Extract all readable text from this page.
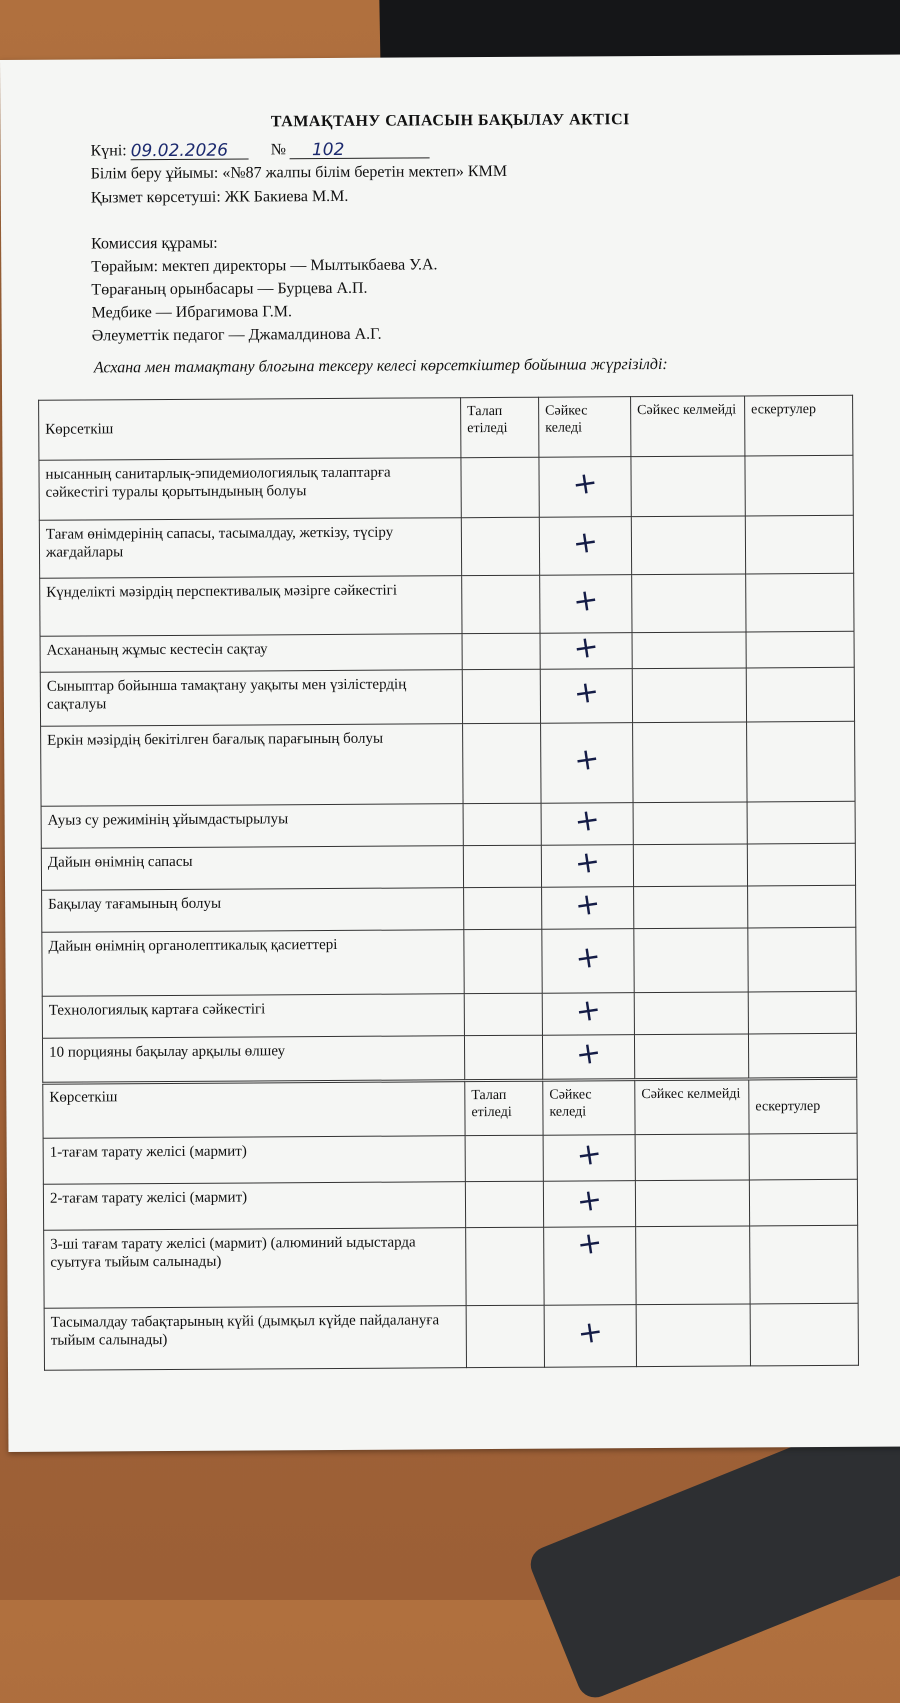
ТАМАҚТАНУ САПАСЫН БАҚЫЛАУ АКТІСІ
Күні: 09.02.2026	№ 102
Білім беру ұйымы: «№87 жалпы білім беретін мектеп» КММ
Қызмет көрсетуші: ЖК Бакиева М.М.
Комиссия құрамы:
Төрайым: мектеп директоры — Мылтыкбаева У.А.
Төрағаның орынбасары — Бурцева А.П.
Медбике — Ибрагимова Г.М.
Әлеуметтік педагог — Джамалдинова А.Г.
Асхана мен тамақтану блогына тексеру келесі көрсеткіштер бойынша жүргізілді:
Көрсеткіш	Талап етіледі	Сәйкес келеді	Сәйкес келмейді	ескертулер
нысанның санитарлық-эпидемиологиялық талаптарға сәйкестігі туралы қорытындының болуы		+		
Тағам өнімдерінің сапасы, тасымалдау, жеткізу, түсіру жағдайлары		+		
Күнделікті мәзірдің перспективалық мәзірге сәйкестігі		+		
Асхананың жұмыс кестесін сақтау		+		
Сыныптар бойынша тамақтану уақыты мен үзілістердің сақталуы		+		
Еркін мәзірдің бекітілген бағалық парағының болуы		+		
Ауыз су режимінің ұйымдастырылуы		+		
Дайын өнімнің сапасы		+		
Бақылау тағамының болуы		+		
Дайын өнімнің органолептикалық қасиеттері		+		
Технологиялық картаға сәйкестігі		+		
10 порцияны бақылау арқылы өлшеу		+		
Көрсеткіш	Талап етіледі	Сәйкес келеді	Сәйкес келмейді	ескертулер
1-тағам тарату желісі (мармит)		+		
2-тағам тарату желісі (мармит)		+		
3-ші тағам тарату желісі (мармит) (алюминий ыдыстарда суытуға тыйым салынады)		+		
Тасымалдау табақтарының күйі (дымқыл күйде пайдалануға тыйым салынады)		+		
